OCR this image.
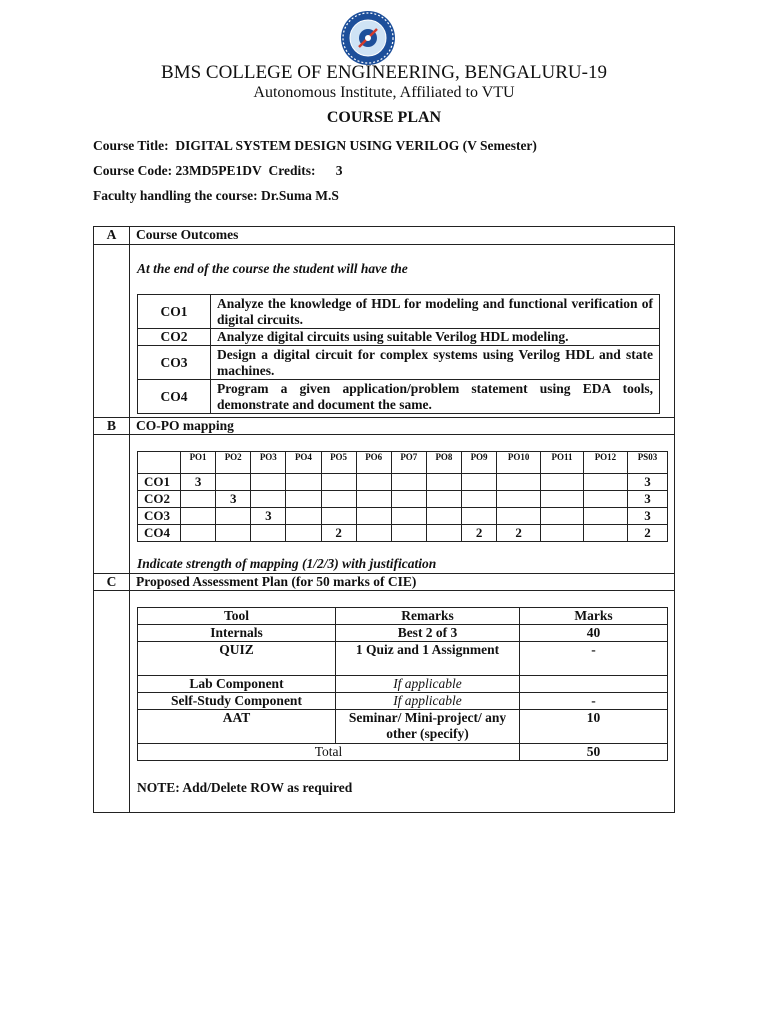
BMS COLLEGE OF ENGINEERING, BENGALURU-19
Autonomous Institute, Affiliated to VTU
COURSE PLAN
Course Title: DIGITAL SYSTEM DESIGN USING VERILOG (V Semester)
Course Code: 23MD5PE1DV Credits: 3
Faculty handling the course: Dr.Suma M.S
A	Course Outcomes

At the end of the course the student will have the
CO1	Analyze the knowledge of HDL for modeling and functional verification of digital circuits.
CO2	Analyze digital circuits using suitable Verilog HDL modeling.
CO3	Design a digital circuit for complex systems using Verilog HDL and state machines.
CO4	Program a given application/problem statement using EDA tools, demonstrate and document the same.

B	CO-PO mapping

	PO1	PO2	PO3	PO4	PO5	PO6	PO7	PO8	PO9	PO10	PO11	PO12	PS03
CO1	3												3
CO2		3											3
CO3			3										3
CO4					2				2	2			2
Indicate strength of mapping (1/2/3) with justification

C	Proposed Assessment Plan (for 50 marks of CIE)

Tool	Remarks	Marks
Internals	Best 2 of 3	40
QUIZ	1 Quiz and 1 Assignment	-
Lab Component	If applicable	
Self-Study Component	If applicable	-
AAT	Seminar/ Mini-project/ any other (specify)	10
Total	50
NOTE: Add/Delete ROW as required
